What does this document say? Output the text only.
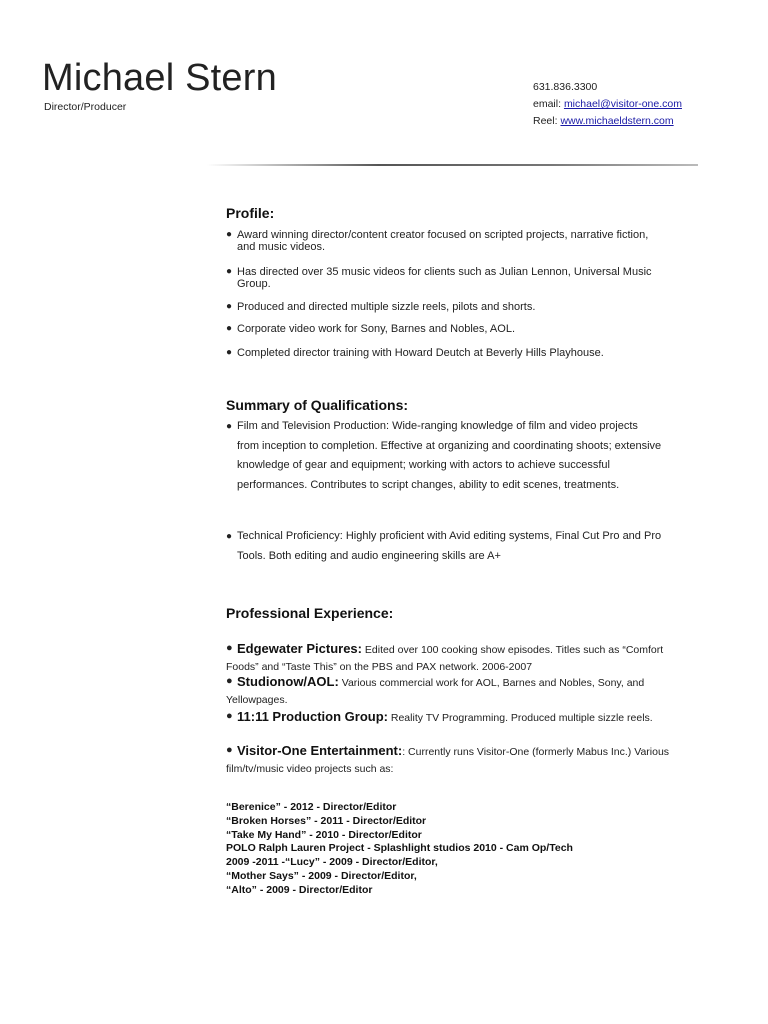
Michael Stern
Director/Producer
631.836.3300
email: michael@visitor-one.com
Reel: www.michaeldstern.com
Profile:
● Award winning director/content creator focused on scripted projects, narrative fiction, and music videos.
● Has directed over 35 music videos for clients such as Julian Lennon, Universal Music Group.
● Produced and directed multiple sizzle reels, pilots and shorts.
● Corporate video work for Sony, Barnes and Nobles, AOL.
● Completed director training with Howard Deutch at Beverly Hills Playhouse.
Summary of Qualifications:
● Film and Television Production: Wide-ranging knowledge of film and video projects from inception to completion. Effective at organizing and coordinating shoots; extensive knowledge of gear and equipment; working with actors to achieve successful performances. Contributes to script changes, ability to edit scenes, treatments.
● Technical Proficiency: Highly proficient with Avid editing systems, Final Cut Pro and Pro Tools. Both editing and audio engineering skills are A+
Professional Experience:
● Edgewater Pictures: Edited over 100 cooking show episodes. Titles such as “Comfort Foods” and “Taste This” on the PBS and PAX network. 2006-2007
● Studionow/AOL: Various commercial work for AOL, Barnes and Nobles, Sony, and Yellowpages.
● 11:11 Production Group: Reality TV Programming. Produced multiple sizzle reels.
● Visitor-One Entertainment:: Currently runs Visitor-One (formerly Mabus Inc.) Various film/tv/music video projects such as:
“Berenice” - 2012 - Director/Editor
“Broken Horses” - 2011 - Director/Editor
“Take My Hand” - 2010 - Director/Editor
POLO Ralph Lauren Project - Splashlight studios 2010 - Cam Op/Tech
2009 -2011 -“Lucy” - 2009 - Director/Editor,
“Mother Says” - 2009 - Director/Editor,
“Alto” - 2009 - Director/Editor
